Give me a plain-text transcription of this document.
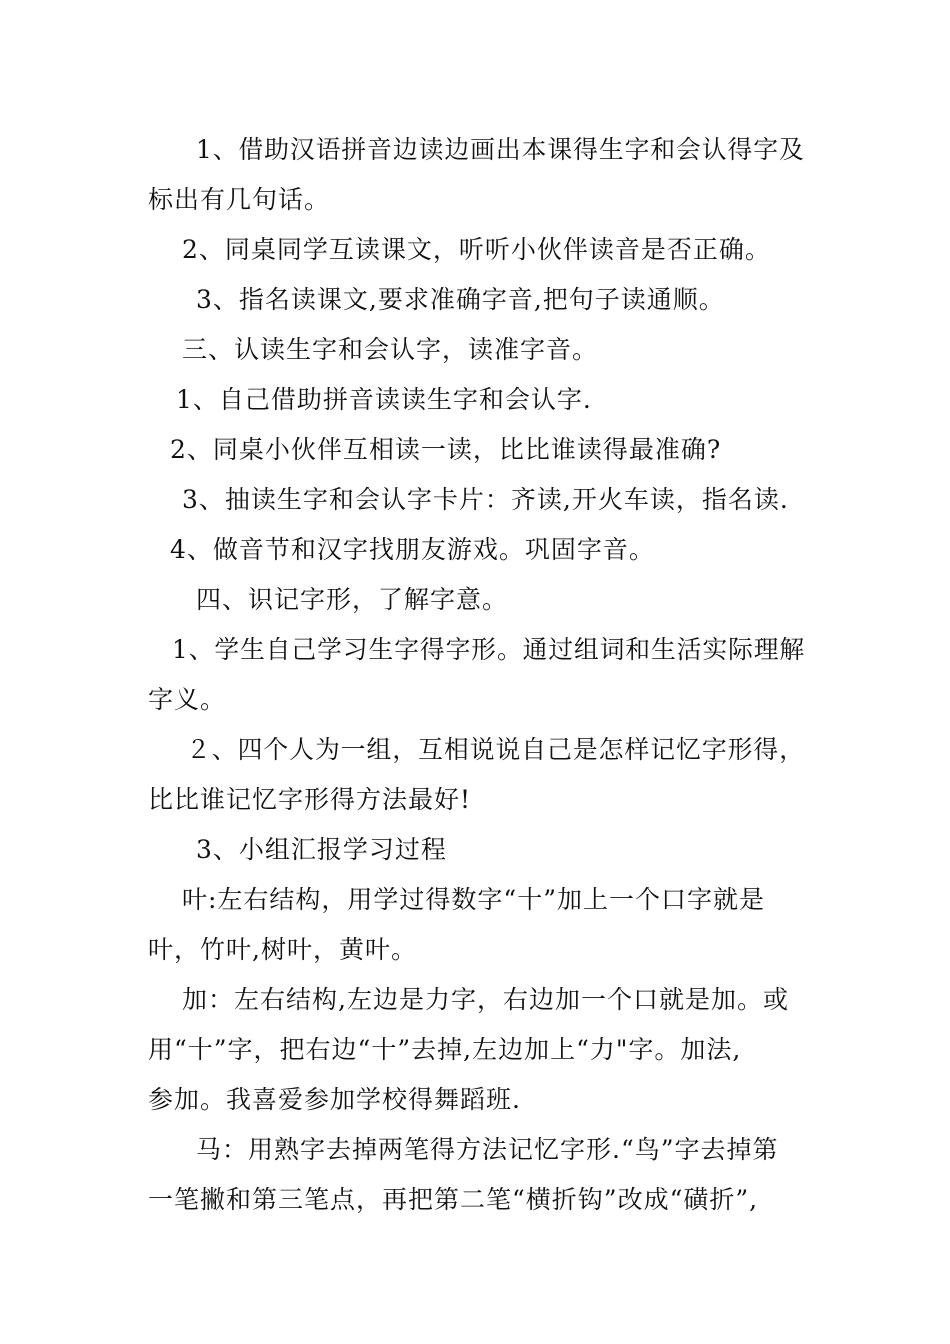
1、借助汉语拼音边读边画出本课得生字和会认得字及
标出有几句话。
2、同桌同学互读课文，听听小伙伴读音是否正确。
3、指名读课文,要求准确字音,把句子读通顺。
三、认读生字和会认字，读准字音。
1、自己借助拼音读读生字和会认字.
2、同桌小伙伴互相读一读，比比谁读得最准确?
3、抽读生字和会认字卡片：齐读,开火车读，指名读.
4、做音节和汉字找朋友游戏。巩固字音。
四、识记字形，了解字意。
1、学生自己学习生字得字形。通过组词和生活实际理解
字义。
２、四个人为一组，互相说说自己是怎样记忆字形得，
比比谁记忆字形得方法最好!
3、小组汇报学习过程
叶:左右结构，用学过得数字“十”加上一个口字就是
叶，竹叶,树叶，黄叶。
加：左右结构,左边是力字，右边加一个口就是加。或
用“十”字，把右边“十”去掉,左边加上“力"字。加法,
参加。我喜爱参加学校得舞蹈班.
马：用熟字去掉两笔得方法记忆字形.“鸟”字去掉第
一笔撇和第三笔点，再把第二笔“横折钩”改成“磺折”,
